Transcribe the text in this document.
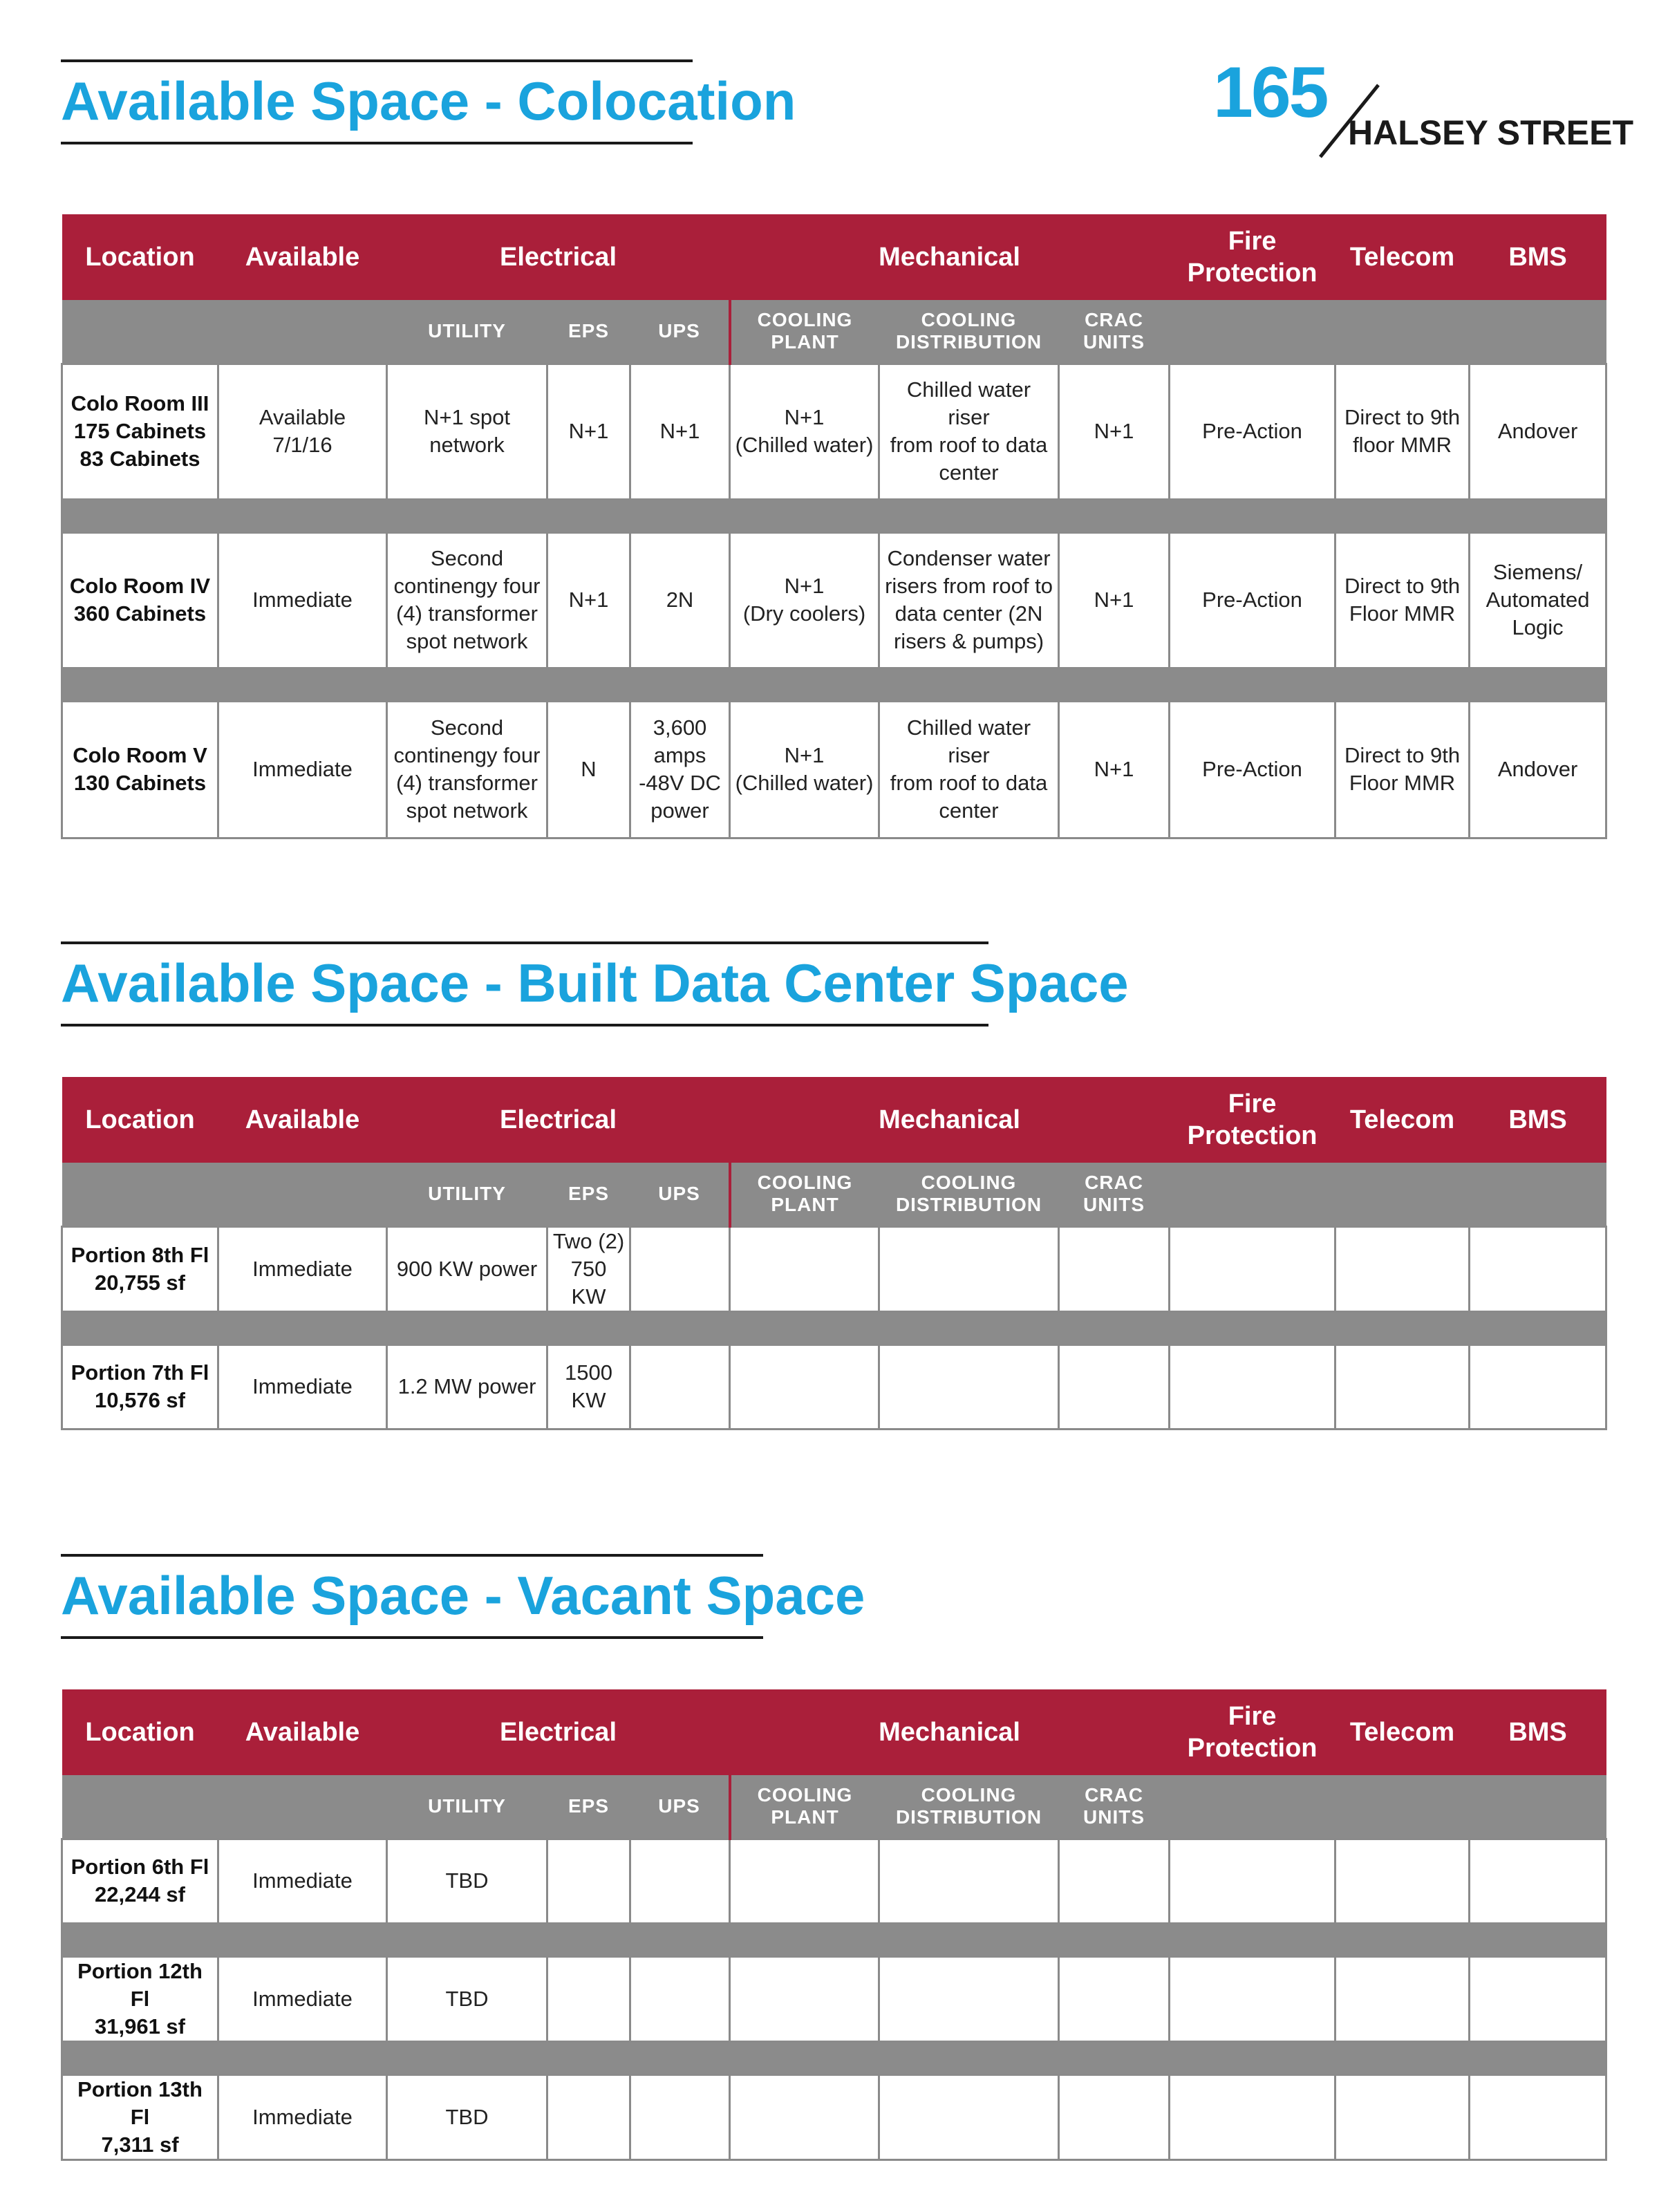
165 HALSEY STREET
Available Space - Colocation
Location	Available	Electrical			Mechanical			Fire
Protection	Telecom	BMS
		UTILITY	EPS	UPS	COOLING
PLANT	COOLING
DISTRIBUTION	CRAC
UNITS			
Colo Room III
175 Cabinets
83 Cabinets	Available
7/1/16	N+1 spot
network	N+1	N+1	N+1
(Chilled water)	Chilled water riser
from roof to data
center	N+1	Pre-Action	Direct to 9th
floor MMR	Andover

Colo Room IV
360 Cabinets	Immediate	Second
continengy four
(4) transformer
spot network	N+1	2N	N+1
(Dry coolers)	Condenser water
risers from roof to
data center (2N
risers & pumps)	N+1	Pre-Action	Direct to 9th
Floor MMR	Siemens/
Automated
Logic

Colo Room V
130 Cabinets	Immediate	Second
continengy four
(4) transformer
spot network	N	3,600
amps
-48V DC
power	N+1
(Chilled water)	Chilled water riser
from roof to data
center	N+1	Pre-Action	Direct to 9th
Floor MMR	Andover
Available Space - Built Data Center Space
Location	Available	Electrical			Mechanical			Fire
Protection	Telecom	BMS
		UTILITY	EPS	UPS	COOLING
PLANT	COOLING
DISTRIBUTION	CRAC
UNITS			
Portion 8th Fl
20,755 sf	Immediate	900 KW power	Two (2)
750 KW							

Portion 7th Fl
10,576 sf	Immediate	1.2 MW power	1500
KW							
Available Space - Vacant Space
Location	Available	Electrical			Mechanical			Fire
Protection	Telecom	BMS
		UTILITY	EPS	UPS	COOLING
PLANT	COOLING
DISTRIBUTION	CRAC
UNITS			
Portion 6th Fl
22,244 sf	Immediate	TBD								

Portion 12th Fl
31,961 sf	Immediate	TBD								

Portion 13th Fl
7,311 sf	Immediate	TBD								
